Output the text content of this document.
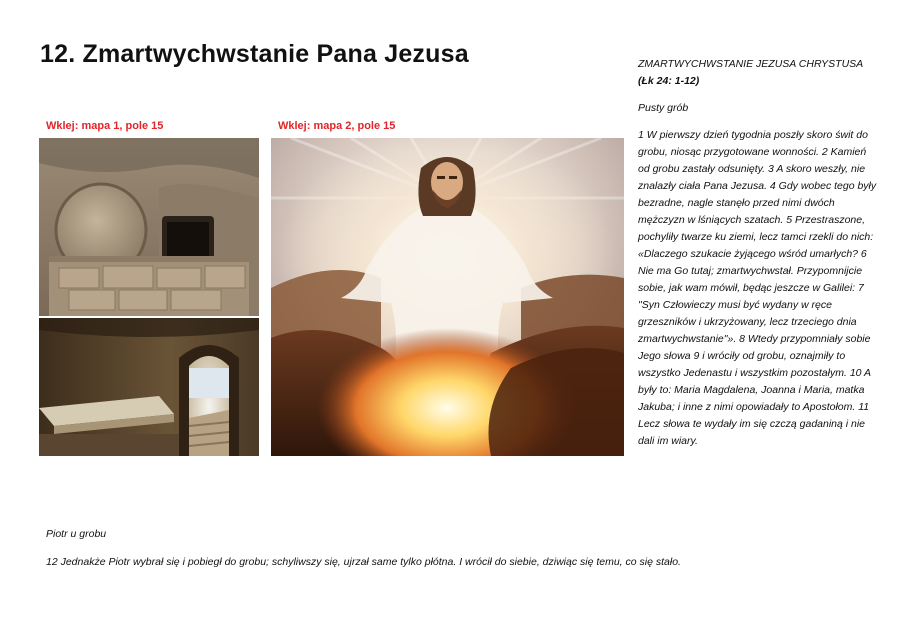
12. Zmartwychwstanie Pana Jezusa
Wklej: mapa 1, pole 15	Wklej: mapa 2, pole 15

ZMARTWYCHWSTANIE JEZUSA CHRYSTUSA  (Łk 24: 1-12)

Pusty grób

1 W pierwszy dzień tygodnia poszły skoro świt do grobu, niosąc przygotowane wonności. 2 Kamień od grobu zastały odsunięty. 3 A skoro weszły, nie znalazły ciała Pana Jezusa. 4 Gdy wobec tego były bezradne, nagle stanęło przed nimi dwóch mężczyzn w lśniących szatach. 5 Przestraszone, pochyliły twarze ku ziemi, lecz tamci rzekli do nich: «Dlaczego szukacie żyjącego wśród umarłych? 6 Nie ma Go tutaj; zmartwychwstał. Przypomnijcie sobie, jak wam mówił, będąc jeszcze w Galilei: 7 "Syn Człowieczy musi być wydany w ręce grzeszników i ukrzyżowany, lecz trzeciego dnia zmartwychwstanie"». 8 Wtedy przypomniały sobie Jego słowa 9 i wróciły od grobu, oznajmiły to wszystko Jedenastu i wszystkim pozostałym. 10 A były to: Maria Magdalena, Joanna i Maria, matka Jakuba; i inne z nimi opowiadały to Apostołom. 11 Lecz słowa te wydały im się czczą gadaniną i nie dali im wiary.

Piotr u grobu
12 Jednakże Piotr wybrał się i pobiegł do grobu; schyliwszy się, ujrzał same tylko płótna. I wrócił do siebie, dziwiąc się temu, co się stało.
